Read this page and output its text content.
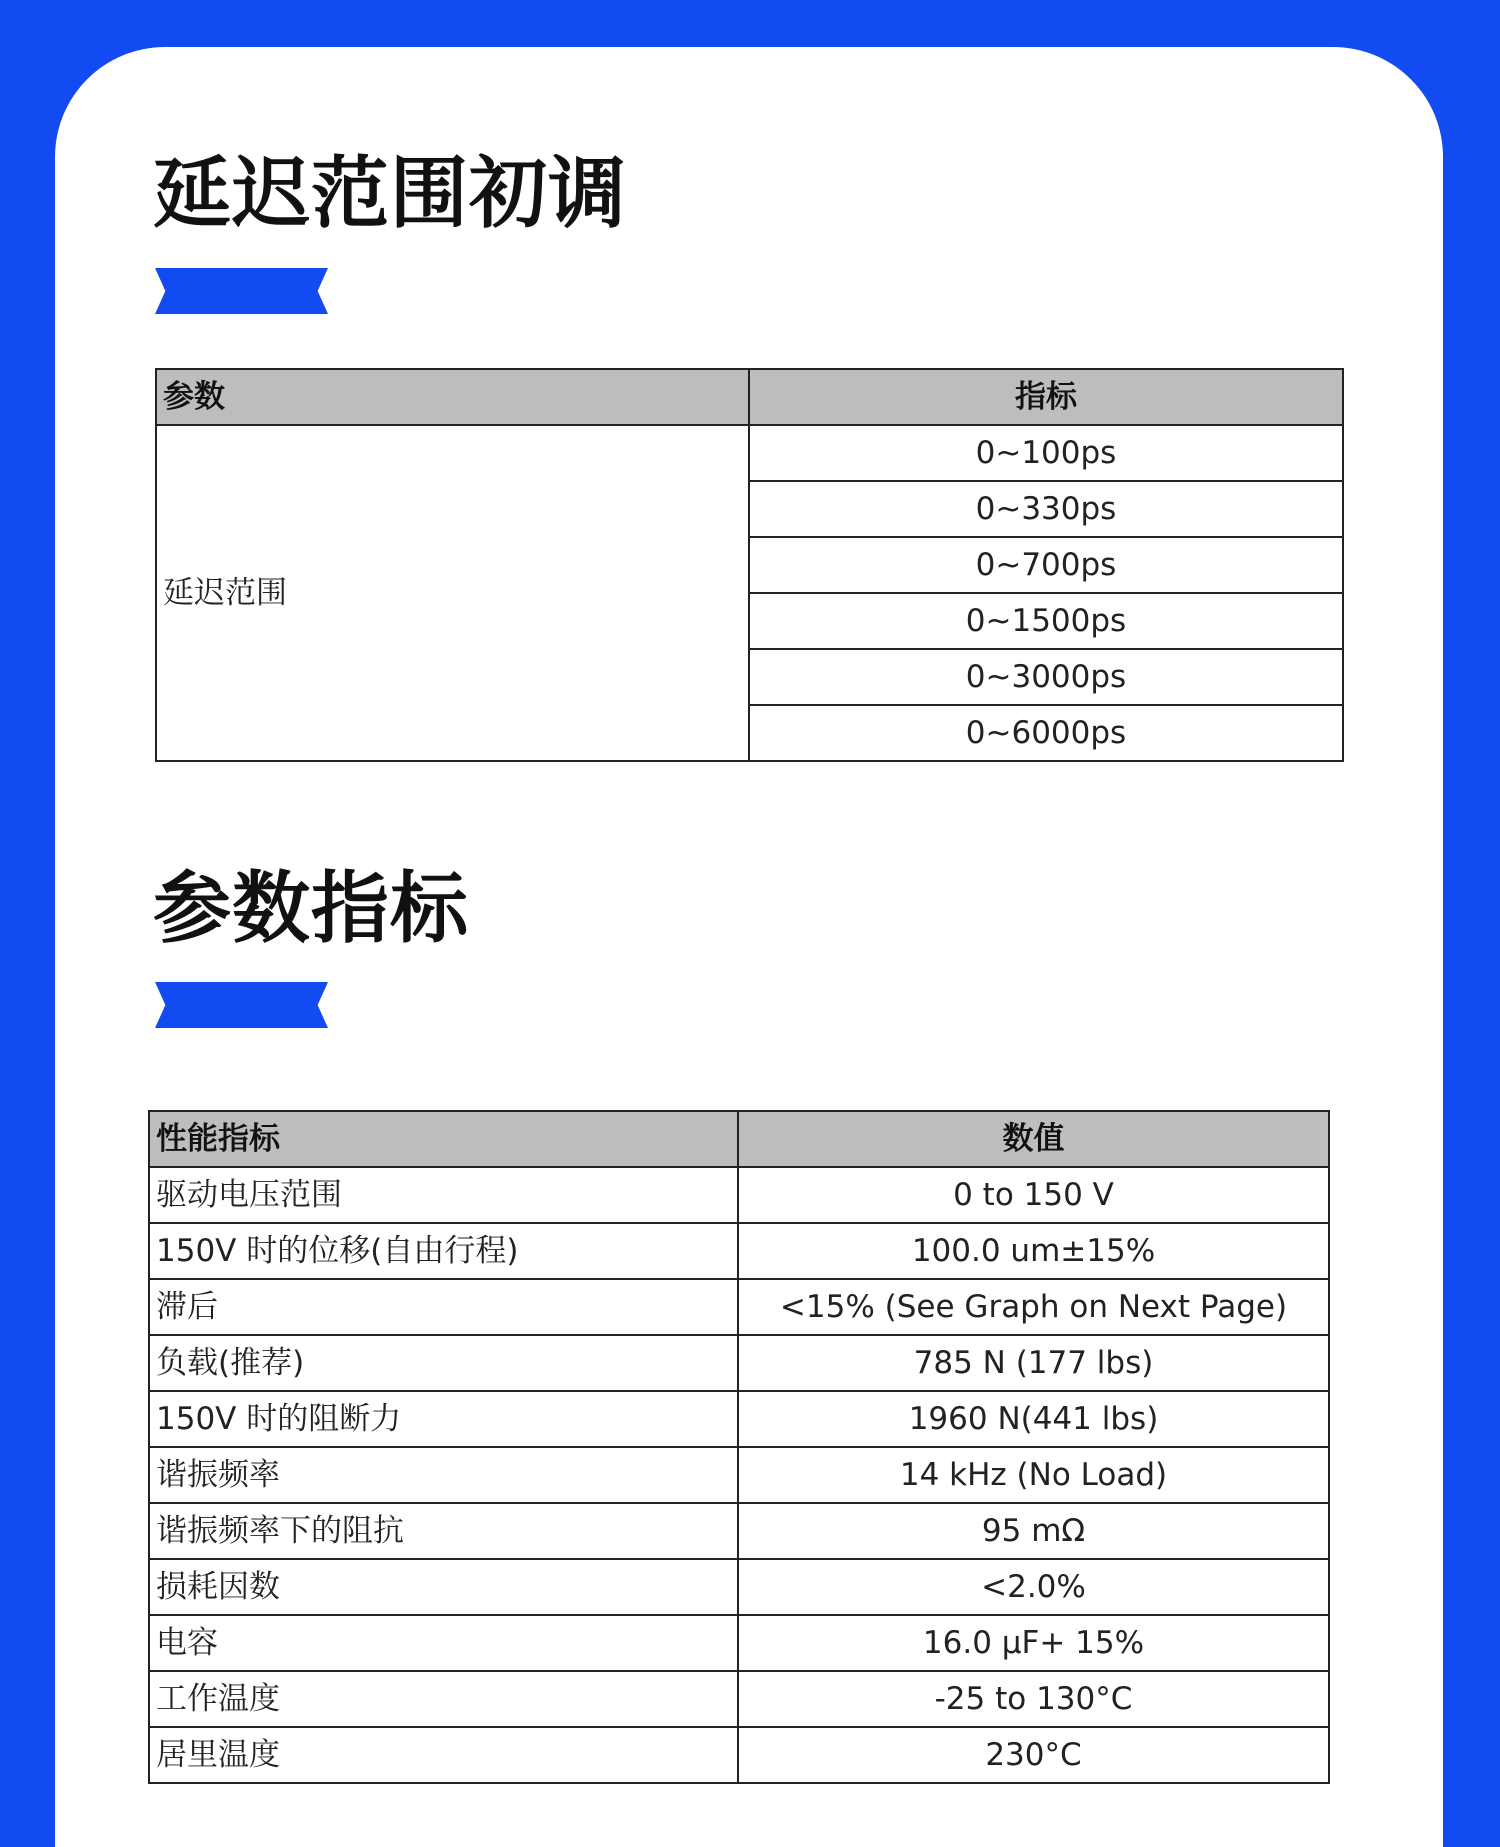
延迟范围初调
参数	指标
延迟范围	0~100ps
	0~330ps
	0~700ps
	0~1500ps
	0~3000ps
	0~6000ps
参数指标
性能指标	数值
驱动电压范围	0 to 150 V
150V 时的位移(自由行程)	100.0 um±15%
滞后	<15% (See Graph on Next Page)
负载(推荐)	785 N (177 lbs)
150V 时的阻断力	1960 N(441 lbs)
谐振频率	14 kHz (No Load)
谐振频率下的阻抗	95 mΩ
损耗因数	<2.0%
电容	16.0 μF+ 15%
工作温度	-25 to 130°C
居里温度	230°C
